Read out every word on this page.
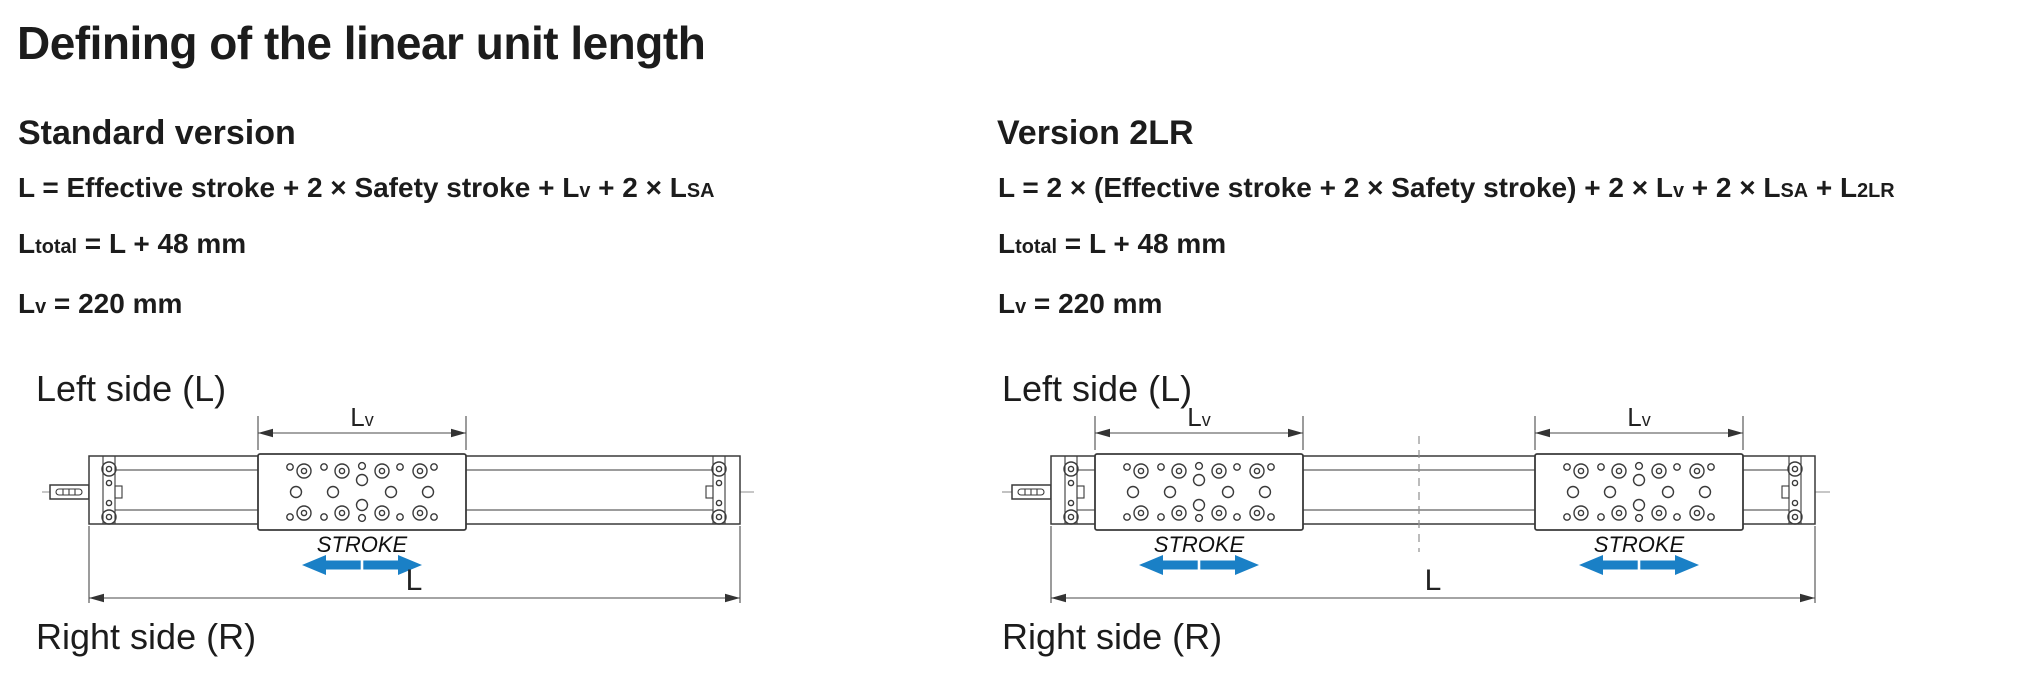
Defining of the linear unit length
Standard version

L = Effective stroke + 2 × Safety stroke + Lv + 2 × LSA

Ltotal = L + 48 mm

Lv = 220 mm

Left side (L)

Lv
STROKE
L

Right side (R)

Version 2LR

L = 2 × (Effective stroke + 2 × Safety stroke) + 2 × Lv + 2 × LSA + L2LR

Ltotal = L + 48 mm

Lv = 220 mm

Left side (L)

Lv	Lv
STROKE	STROKE
L

Right side (R)
